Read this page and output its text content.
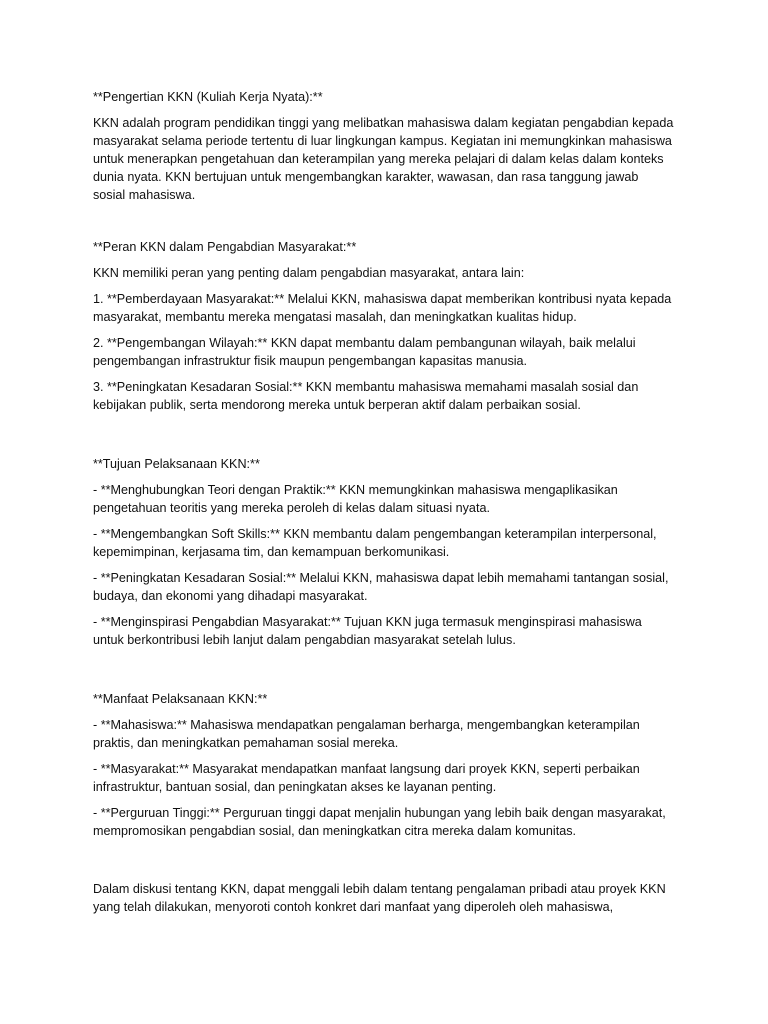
**Pengertian KKN (Kuliah Kerja Nyata):**

KKN adalah program pendidikan tinggi yang melibatkan mahasiswa dalam kegiatan pengabdian kepada masyarakat selama periode tertentu di luar lingkungan kampus. Kegiatan ini memungkinkan mahasiswa untuk menerapkan pengetahuan dan keterampilan yang mereka pelajari di dalam kelas dalam konteks dunia nyata. KKN bertujuan untuk mengembangkan karakter, wawasan, dan rasa tanggung jawab sosial mahasiswa.

**Peran KKN dalam Pengabdian Masyarakat:**

KKN memiliki peran yang penting dalam pengabdian masyarakat, antara lain:

1. **Pemberdayaan Masyarakat:** Melalui KKN, mahasiswa dapat memberikan kontribusi nyata kepada masyarakat, membantu mereka mengatasi masalah, dan meningkatkan kualitas hidup.

2. **Pengembangan Wilayah:** KKN dapat membantu dalam pembangunan wilayah, baik melalui pengembangan infrastruktur fisik maupun pengembangan kapasitas manusia.

3. **Peningkatan Kesadaran Sosial:** KKN membantu mahasiswa memahami masalah sosial dan kebijakan publik, serta mendorong mereka untuk berperan aktif dalam perbaikan sosial.

**Tujuan Pelaksanaan KKN:**

- **Menghubungkan Teori dengan Praktik:** KKN memungkinkan mahasiswa mengaplikasikan pengetahuan teoritis yang mereka peroleh di kelas dalam situasi nyata.

- **Mengembangkan Soft Skills:** KKN membantu dalam pengembangan keterampilan interpersonal, kepemimpinan, kerjasama tim, dan kemampuan berkomunikasi.

- **Peningkatan Kesadaran Sosial:** Melalui KKN, mahasiswa dapat lebih memahami tantangan sosial, budaya, dan ekonomi yang dihadapi masyarakat.

- **Menginspirasi Pengabdian Masyarakat:** Tujuan KKN juga termasuk menginspirasi mahasiswa untuk berkontribusi lebih lanjut dalam pengabdian masyarakat setelah lulus.

**Manfaat Pelaksanaan KKN:**

- **Mahasiswa:** Mahasiswa mendapatkan pengalaman berharga, mengembangkan keterampilan praktis, dan meningkatkan pemahaman sosial mereka.

- **Masyarakat:** Masyarakat mendapatkan manfaat langsung dari proyek KKN, seperti perbaikan infrastruktur, bantuan sosial, dan peningkatan akses ke layanan penting.

- **Perguruan Tinggi:** Perguruan tinggi dapat menjalin hubungan yang lebih baik dengan masyarakat, mempromosikan pengabdian sosial, dan meningkatkan citra mereka dalam komunitas.

Dalam diskusi tentang KKN, dapat menggali lebih dalam tentang pengalaman pribadi atau proyek KKN yang telah dilakukan, menyoroti contoh konkret dari manfaat yang diperoleh oleh mahasiswa,
